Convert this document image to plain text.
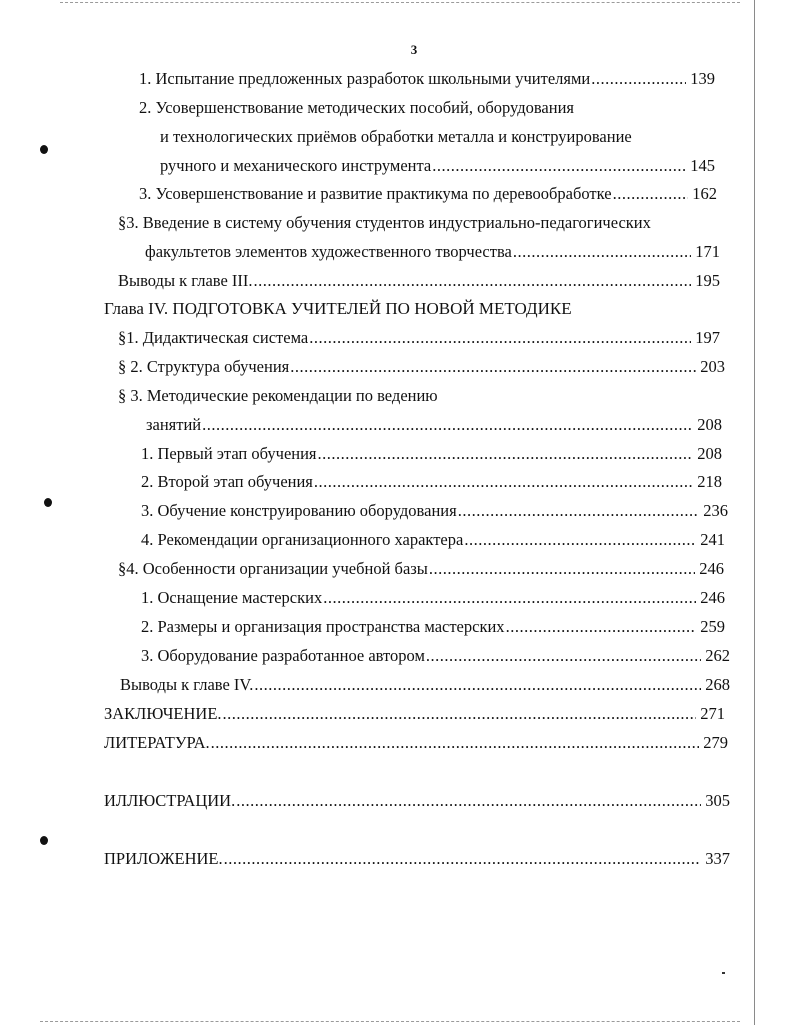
3
1. Испытание предложенных разработок школьными учителями .....	139
2. Усовершенствование методических пособий, оборудования
и технологических приёмов обработки металла и конструирование
ручного и механического инструмента .....	145
3. Усовершенствование и развитие практикума по деревообработке .....	162
§3. Введение в систему обучения студентов индустриально-педагогических
факультетов элементов художественного творчества .....	171
Выводы к главе III. .....	195
Глава IV. ПОДГОТОВКА УЧИТЕЛЕЙ ПО НОВОЙ МЕТОДИКЕ
§1. Дидактическая система .....	197
§ 2. Структура обучения .....	203
§ 3. Методические рекомендации по ведению
занятий .....	208
1. Первый этап обучения .....	208
2. Второй этап обучения .....	218
3. Обучение конструированию оборудования .....	236
4. Рекомендации организационного характера .....	241
§4. Особенности организации учебной базы .....	246
1. Оснащение мастерских .....	246
2. Размеры и организация пространства мастерских .....	259
3. Оборудование разработанное автором .....	262
Выводы к главе IV. .....	268
ЗАКЛЮЧЕНИЕ. .....	271
ЛИТЕРАТУРА. .....	279
ИЛЛЮСТРАЦИИ. .....	305
ПРИЛОЖЕНИЕ. .....	337
